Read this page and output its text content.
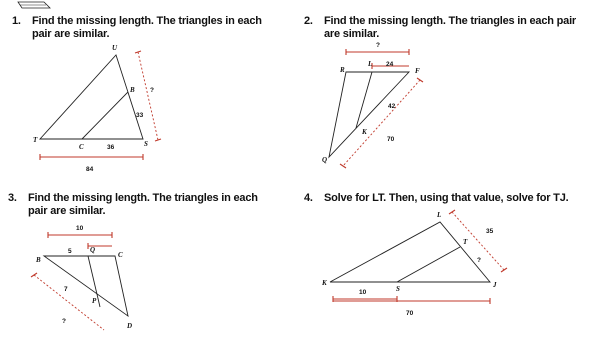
1. Find the missing length. The triangles in each
pair are similar.
2. Find the missing length. The triangles in each pair
are similar.
3. Find the missing length. The triangles in each
pair are similar.
4. Solve for LT. Then, using that value, solve for TJ.
U
B
T
C	S
33
36
84
?
?
R
L 24
F
42
K
70
Q
10
5	Q
C
B
7
P
D
?
L
35
T
?
K
S	J
10
70
